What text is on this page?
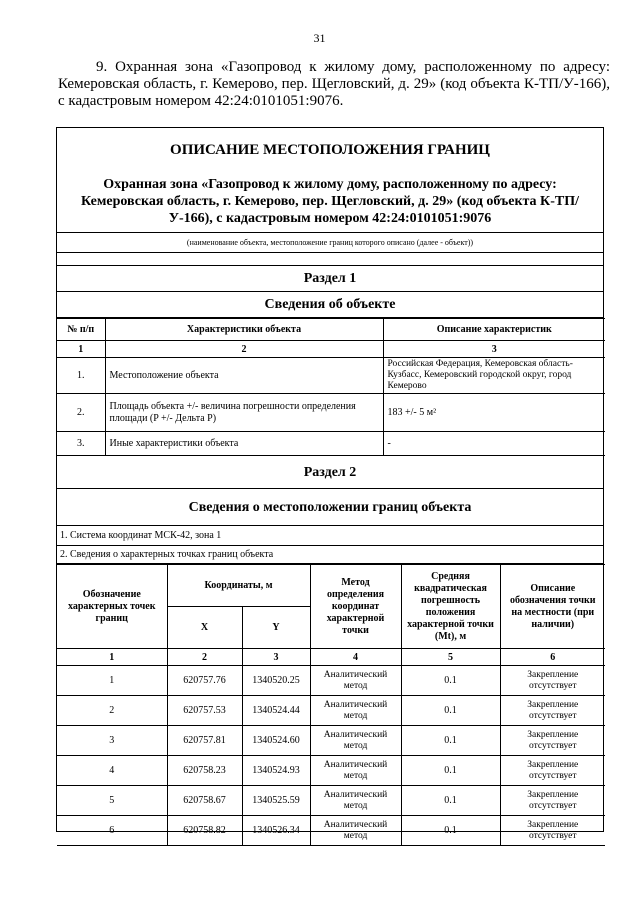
31
9. Охранная зона «Газопровод к жилому дому, расположенному по адресу: Кемеровская область, г. Кемерово, пер. Щегловский, д. 29» (код объекта К-ТП/У-166), с кадастровым номером 42:24:0101051:9076.
ОПИСАНИЕ МЕСТОПОЛОЖЕНИЯ ГРАНИЦ
Охранная зона «Газопровод к жилому дому, расположенному по адресу: Кемеровская область, г. Кемерово, пер. Щегловский, д. 29» (код объекта К-ТП/У-166), с кадастровым номером 42:24:0101051:9076
(наименование объекта, местоположение границ которого описано (далее - объект))
Раздел 1
Сведения об объекте
№ п/п	Характеристики объекта	Описание характеристик
1	2	3
1.	Местоположение объекта	Российская Федерация, Кемеровская область-Кузбасс, Кемеровский городской округ, город Кемерово
2.	Площадь объекта +/- величина погрешности определения площади (P +/- Дельта P)	183 +/- 5 м²
3.	Иные характеристики объекта	-
Раздел 2
Сведения о местоположении границ объекта
1. Система координат МСК-42, зона 1
2. Сведения о характерных точках границ объекта
Обозначение характерных точек границ	Координаты, м		Метод определения координат характерной точки	Средняя квадратическая погрешность положения характерной точки (Mt), м	Описание обозначения точки на местности (при наличии)
	X	Y			
1	2	3	4	5	6
1	620757.76	1340520.25	Аналитический метод	0.1	Закрепление отсутствует
2	620757.53	1340524.44	Аналитический метод	0.1	Закрепление отсутствует
3	620757.81	1340524.60	Аналитический метод	0.1	Закрепление отсутствует
4	620758.23	1340524.93	Аналитический метод	0.1	Закрепление отсутствует
5	620758.67	1340525.59	Аналитический метод	0.1	Закрепление отсутствует
6	620758.82	1340526.34	Аналитический метод	0.1	Закрепление отсутствует
